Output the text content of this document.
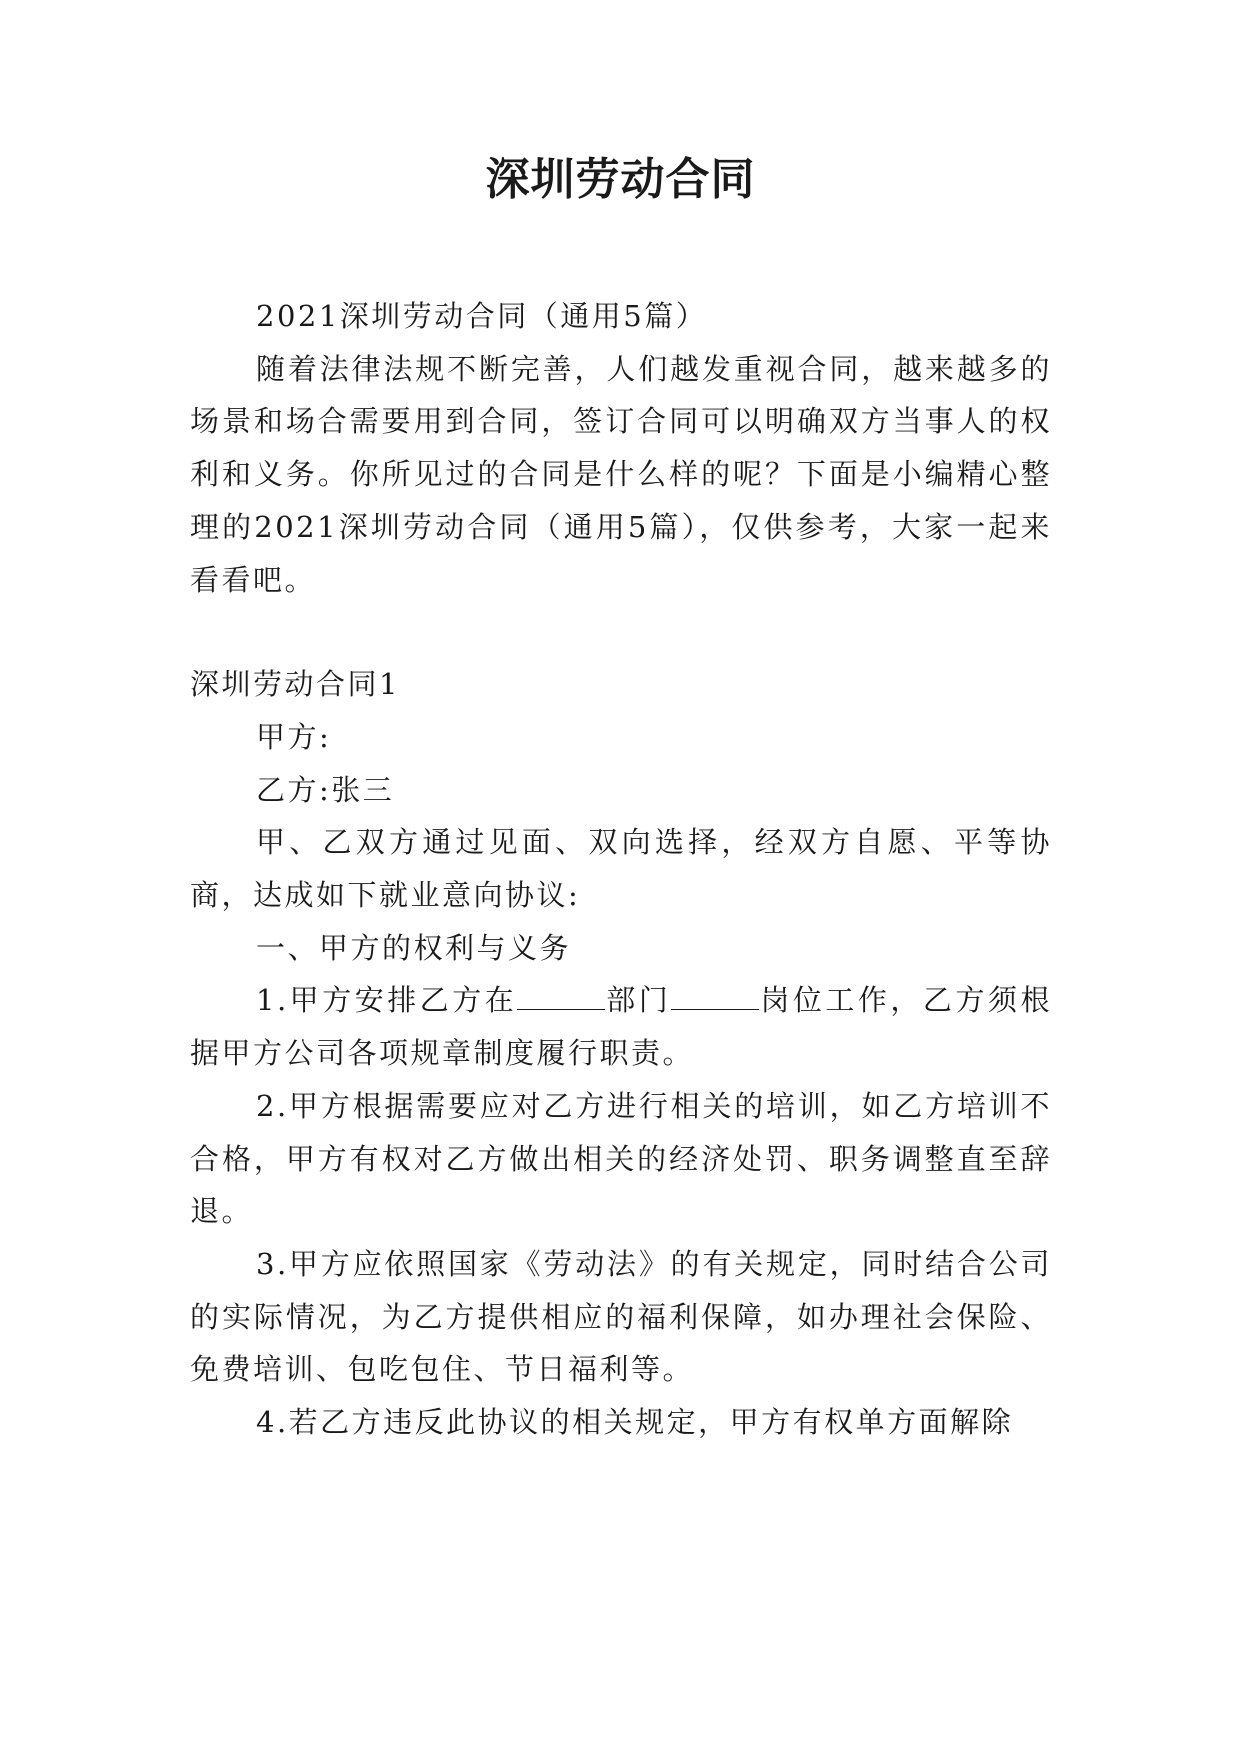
深圳劳动合同

2021深圳劳动合同（通用5篇）

随着法律法规不断完善，人们越发重视合同，越来越多的场景和场合需要用到合同，签订合同可以明确双方当事人的权利和义务。你所见过的合同是什么样的呢？下面是小编精心整理的2021深圳劳动合同（通用5篇），仅供参考，大家一起来看看吧。

深圳劳动合同1

甲方:

乙方:张三

甲、乙双方通过见面、双向选择，经双方自愿、平等协商，达成如下就业意向协议:

一、甲方的权利与义务

1.甲方安排乙方在	部门	岗位工作，乙方须根据甲方公司各项规章制度履行职责。

2.甲方根据需要应对乙方进行相关的培训，如乙方培训不合格，甲方有权对乙方做出相关的经济处罚、职务调整直至辞退。

3.甲方应依照国家《劳动法》的有关规定，同时结合公司的实际情况，为乙方提供相应的福利保障，如办理社会保险、免费培训、包吃包住、节日福利等。

4.若乙方违反此协议的相关规定，甲方有权单方面解除
